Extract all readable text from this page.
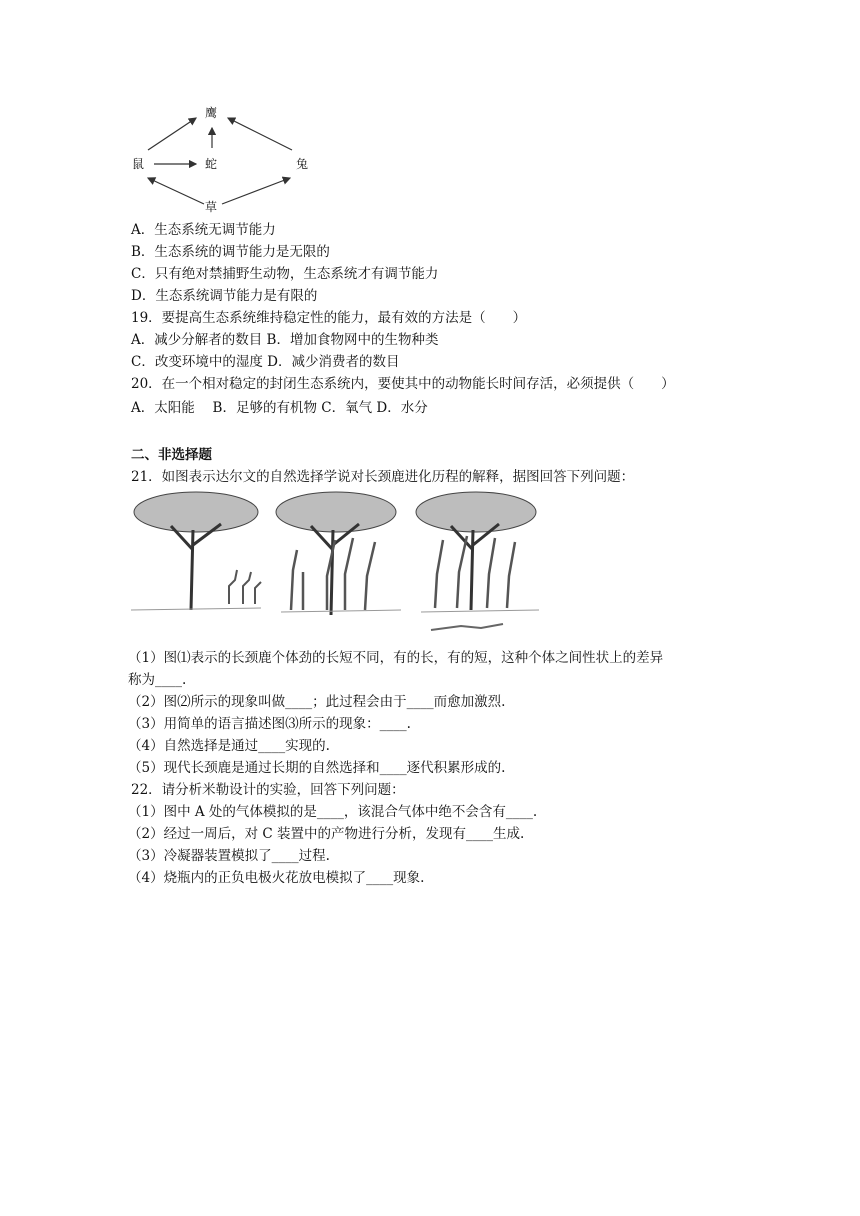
鹰
蛇
鼠	兔
草
A．生态系统无调节能力
B．生态系统的调节能力是无限的
C．只有绝对禁捕野生动物，生态系统才有调节能力
D．生态系统调节能力是有限的
19．要提高生态系统维持稳定性的能力，最有效的方法是（　　）
A．减少分解者的数目 B．增加食物网中的生物种类
C．改变环境中的湿度 D．减少消费者的数目
20．在一个相对稳定的封闭生态系统内，要使其中的动物能长时间存活，必须提供（　　）
A．太阳能　 B．足够的有机物 C．氧气 D．水分
二、非选择题
21．如图表示达尔文的自然选择学说对长颈鹿进化历程的解释，据图回答下列问题：
（1）图⑴表示的长颈鹿个体劲的长短不同，有的长，有的短，这种个体之间性状上的差异
称为____.
（2）图⑵所示的现象叫做____；此过程会由于____而愈加激烈.
（3）用简单的语言描述图⑶所示的现象：____.
（4）自然选择是通过____实现的.
（5）现代长颈鹿是通过长期的自然选择和____逐代积累形成的.
22．请分析米勒设计的实验，回答下列问题：
（1）图中 A 处的气体模拟的是____，该混合气体中绝不会含有____.
（2）经过一周后，对 C 装置中的产物进行分析，发现有____生成.
（3）冷凝器装置模拟了____过程.
（4）烧瓶内的正负电极火花放电模拟了____现象.
